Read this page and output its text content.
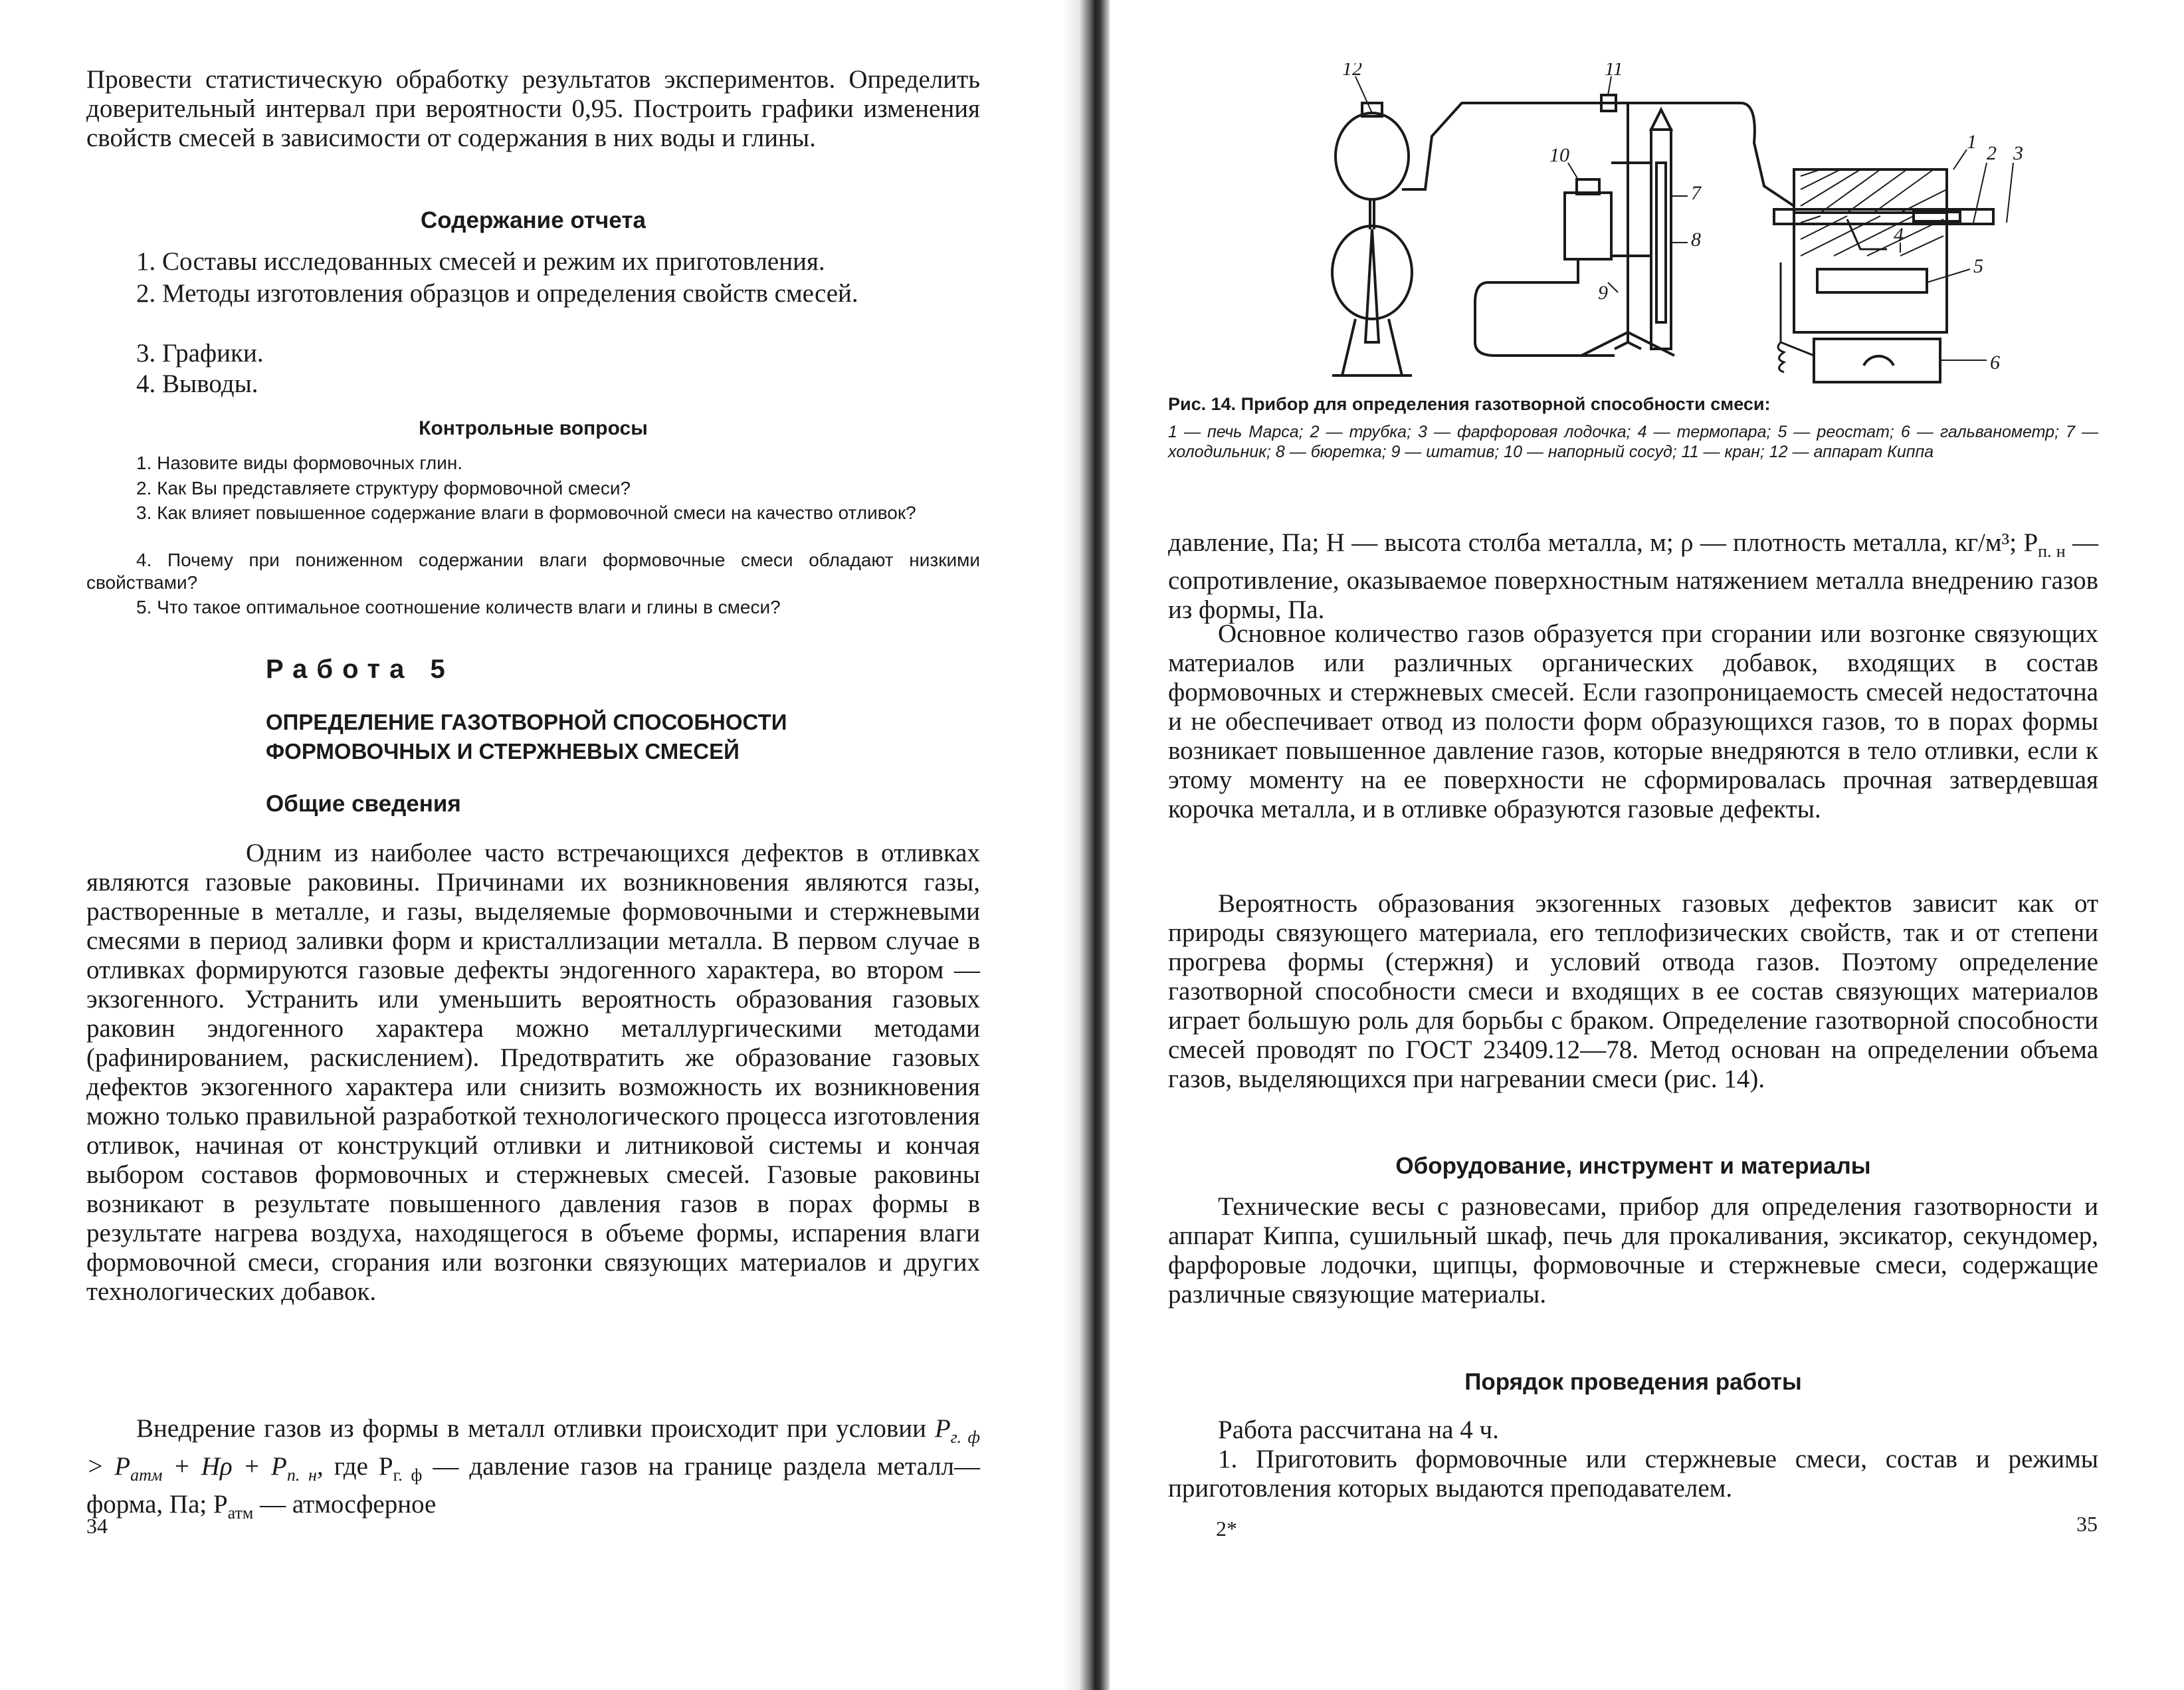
Провести статистическую обработку результатов экспериментов. Определить доверительный интервал при вероятности 0,95. Построить графики изменения свойств смесей в зависимости от содержания в них воды и глины.

Содержание отчета

1. Составы исследованных смесей и режим их приготовления.

2. Методы изготовления образцов и определения свойств смесей.

3. Графики.

4. Выводы.

Контрольные вопросы

1. Назовите виды формовочных глин.

2. Как Вы представляете структуру формовочной смеси?

3. Как влияет повышенное содержание влаги в формовочной смеси на качество отливок?

4. Почему при пониженном содержании влаги формовочные смеси обладают низкими свойствами?

5. Что такое оптимальное соотношение количеств влаги и глины в смеси?

Работа 5

ОПРЕДЕЛЕНИЕ ГАЗОТВОРНОЙ СПОСОБНОСТИ

ФОРМОВОЧНЫХ И СТЕРЖНЕВЫХ СМЕСЕЙ

Общие сведения

Одним из наиболее часто встречающихся дефектов в отливках являются газовые раковины. Причинами их возникновения являются газы, растворенные в металле, и газы, выделяемые формовочными и стержневыми смесями в период заливки форм и кристаллизации металла. В первом случае в отливках формируются газовые дефекты эндогенного характера, во втором — экзогенного. Устранить или уменьшить вероятность образования газовых раковин эндогенного характера можно металлургическими методами (рафинированием, раскислением). Предотвратить же образование газовых дефектов экзогенного характера или снизить возможность их возникновения можно только правильной разработкой технологического процесса изготовления отливок, начиная от конструкций отливки и литниковой системы и кончая выбором составов формовочных и стержневых смесей. Газовые раковины возникают в результате повышенного давления газов в порах формы в результате нагрева воздуха, находящегося в объеме формы, испарения влаги формовочной смеси, сгорания или возгонки связующих материалов и других технологических добавок.

Внедрение газов из формы в металл отливки происходит при условии $P_{г. ф} > P_{атм} + H\rho + P_{п. н}$, где $P_{г. ф}$ — давление газов на границе раздела металл—форма, Па; $P_{атм}$ — атмосферное

34
1
2 3
4
5
6
7
8
9
10
11
12

Рис. 14. Прибор для определения газотворной способности смеси:

1 — печь Марса; 2 — трубка; 3 — фарфоровая лодочка; 4 — термопара; 5 — реостат; 6 — гальванометр; 7 — холодильник; 8 — бюретка; 9 — штатив; 10 — напорный сосуд; 11 — кран; 12 — аппарат Киппа

давление, Па; H — высота столба металла, м; ρ — плотность металла, кг/м³; $P_{п. н}$ — сопротивление, оказываемое поверхностным натяжением металла внедрению газов из формы, Па.

Основное количество газов образуется при сгорании или возгонке связующих материалов или различных органических добавок, входящих в состав формовочных и стержневых смесей. Если газопроницаемость смесей недостаточна и не обеспечивает отвод из полости форм образующихся газов, то в порах формы возникает повышенное давление газов, которые внедряются в тело отливки, если к этому моменту на ее поверхности не сформировалась прочная затвердевшая корочка металла, и в отливке образуются газовые дефекты.

Вероятность образования экзогенных газовых дефектов зависит как от природы связующего материала, его теплофизических свойств, так и от степени прогрева формы (стержня) и условий отвода газов. Поэтому определение газотворной способности смеси и входящих в ее состав связующих материалов играет большую роль для борьбы с браком. Определение газотворной способности смесей проводят по ГОСТ 23409.12—78. Метод основан на определении объема газов, выделяющихся при нагревании смеси (рис. 14).

Оборудование, инструмент и материалы

Технические весы с разновесами, прибор для определения газотворности и аппарат Киппа, сушильный шкаф, печь для прокаливания, эксикатор, секундомер, фарфоровые лодочки, щипцы, формовочные и стержневые смеси, содержащие различные связующие материалы.

Порядок проведения работы

Работа рассчитана на 4 ч.

1. Приготовить формовочные или стержневые смеси, состав и режимы приготовления которых выдаются преподавателем.

2*	35
